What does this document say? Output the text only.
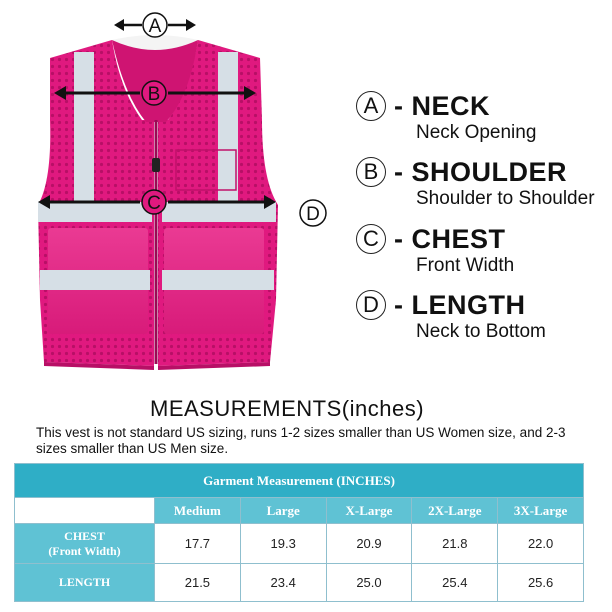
A
B
C
D
A - NECK
Neck Opening
B - SHOULDER
Shoulder to Shoulder
C - CHEST
Front Width
D - LENGTH
Neck to Bottom
MEASUREMENTS(inches)
This vest is not standard US sizing, runs 1-2 sizes smaller than US Women size, and 2-3 sizes smaller than US Men size.
Garment Measurement (INCHES)					
	Medium	Large	X-Large	2X-Large	3X-Large

CHEST
(Front Width)	17.7	19.3	20.9	21.8	22.0

LENGTH	21.5	23.4	25.0	25.4	25.6
